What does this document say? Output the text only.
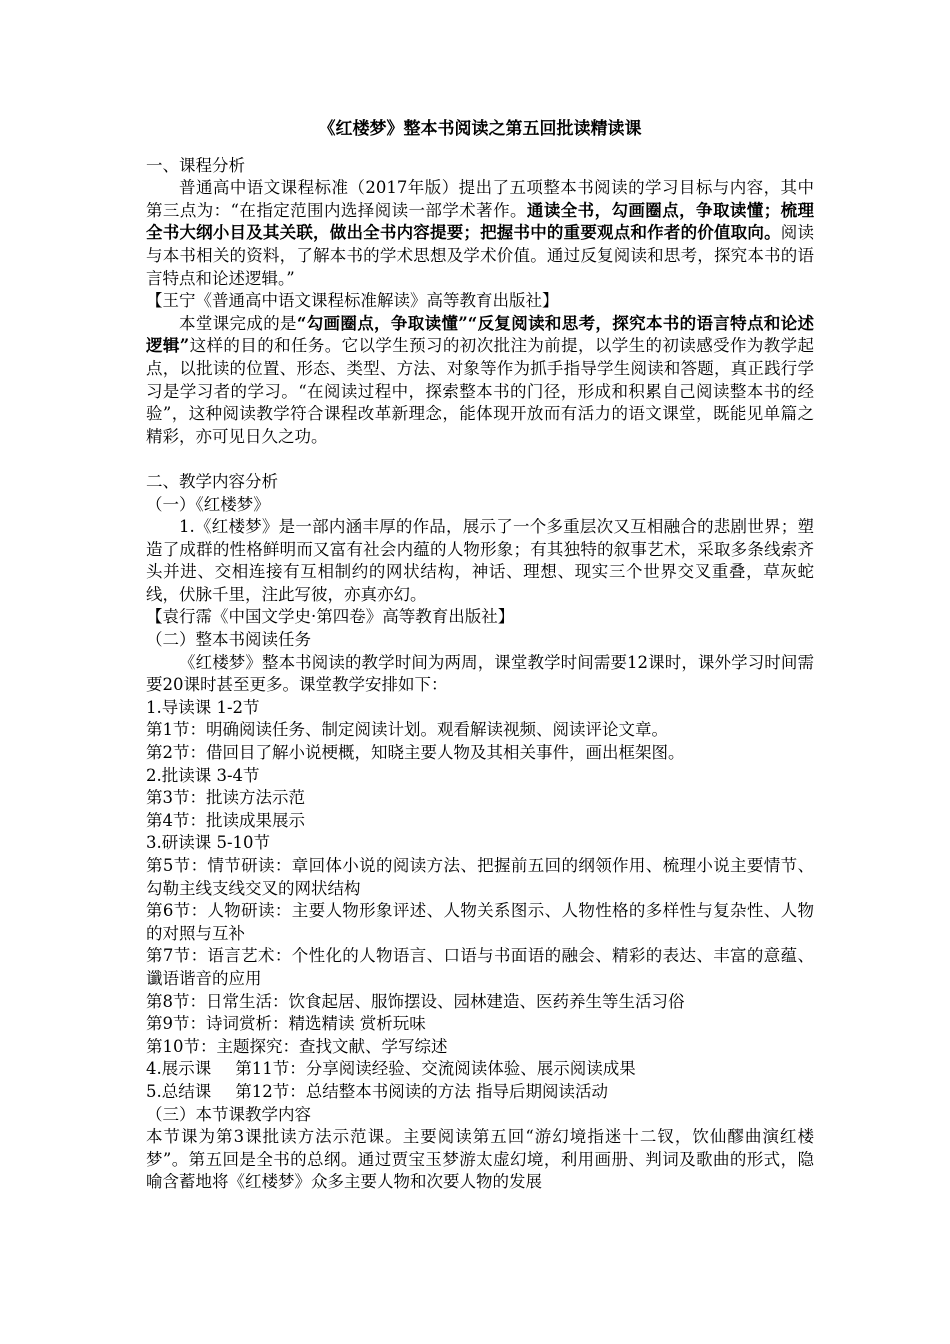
《红楼梦》整本书阅读之第五回批读精读课

一、课程分析

普通高中语文课程标准（2017年版）提出了五项整本书阅读的学习目标与内容，其中第三点为：“在指定范围内选择阅读一部学术著作。通读全书，勾画圈点，争取读懂；梳理全书大纲小目及其关联，做出全书内容提要；把握书中的重要观点和作者的价值取向。阅读与本书相关的资料，了解本书的学术思想及学术价值。通过反复阅读和思考，探究本书的语言特点和论述逻辑。”

【王宁《普通高中语文课程标准解读》高等教育出版社】

本堂课完成的是“勾画圈点，争取读懂”“反复阅读和思考，探究本书的语言特点和论述逻辑”这样的目的和任务。它以学生预习的初次批注为前提，以学生的初读感受作为教学起点，以批读的位置、形态、类型、方法、对象等作为抓手指导学生阅读和答题，真正践行学习是学习者的学习。“在阅读过程中，探索整本书的门径，形成和积累自己阅读整本书的经验”，这种阅读教学符合课程改革新理念，能体现开放而有活力的语文课堂，既能见单篇之精彩，亦可见日久之功。

二、教学内容分析

（一）《红楼梦》

1.《红楼梦》是一部内涵丰厚的作品，展示了一个多重层次又互相融合的悲剧世界；塑造了成群的性格鲜明而又富有社会内蕴的人物形象；有其独特的叙事艺术，采取多条线索齐头并进、交相连接有互相制约的网状结构，神话、理想、现实三个世界交叉重叠，草灰蛇线，伏脉千里，注此写彼，亦真亦幻。

【袁行霈《中国文学史·第四卷》高等教育出版社】

（二）整本书阅读任务

《红楼梦》整本书阅读的教学时间为两周，课堂教学时间需要12课时，课外学习时间需要20课时甚至更多。课堂教学安排如下：

1.导读课 1-2节

第1节：明确阅读任务、制定阅读计划。观看解读视频、阅读评论文章。

第2节：借回目了解小说梗概，知晓主要人物及其相关事件，画出框架图。

2.批读课 3-4节

第3节：批读方法示范

第4节：批读成果展示

3.研读课 5-10节

第5节：情节研读：章回体小说的阅读方法、把握前五回的纲领作用、梳理小说主要情节、勾勒主线支线交叉的网状结构

第6节：人物研读：主要人物形象评述、人物关系图示、人物性格的多样性与复杂性、人物的对照与互补

第7节：语言艺术：个性化的人物语言、口语与书面语的融会、精彩的表达、丰富的意蕴、谶语谐音的应用

第8节：日常生活：饮食起居、服饰摆设、园林建造、医药养生等生活习俗

第9节：诗词赏析：精选精读 赏析玩味

第10节：主题探究：查找文献、学写综述

4.展示课 第11节：分享阅读经验、交流阅读体验、展示阅读成果

5.总结课 第12节：总结整本书阅读的方法 指导后期阅读活动

（三）本节课教学内容

本节课为第3课批读方法示范课。主要阅读第五回“游幻境指迷十二钗，饮仙醪曲演红楼梦”。第五回是全书的总纲。通过贾宝玉梦游太虚幻境，利用画册、判词及歌曲的形式，隐喻含蓄地将《红楼梦》众多主要人物和次要人物的发展
